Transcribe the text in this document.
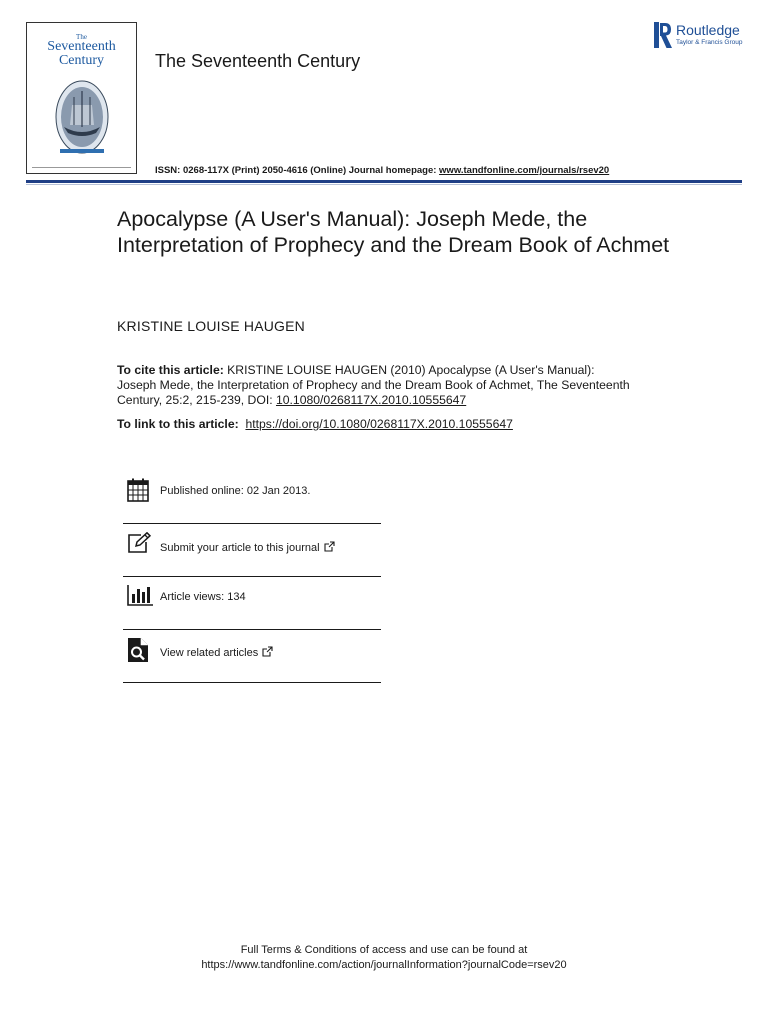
The
Seventeenth
Century	The Seventeenth Century
Routledge
Taylor & Francis Group
ISSN: 0268-117X (Print) 2050-4616 (Online) Journal homepage: www.tandfonline.com/journals/rsev20
Apocalypse (A User's Manual): Joseph Mede, the Interpretation of Prophecy and the Dream Book of Achmet
KRISTINE LOUISE HAUGEN
To cite this article: KRISTINE LOUISE HAUGEN (2010) Apocalypse (A User's Manual): Joseph Mede, the Interpretation of Prophecy and the Dream Book of Achmet, The Seventeenth Century, 25:2, 215-239, DOI: 10.1080/0268117X.2010.10555647
To link to this article: https://doi.org/10.1080/0268117X.2010.10555647
Published online: 02 Jan 2013.
Submit your article to this journal
Article views: 134
View related articles
Full Terms & Conditions of access and use can be found at
https://www.tandfonline.com/action/journalInformation?journalCode=rsev20
